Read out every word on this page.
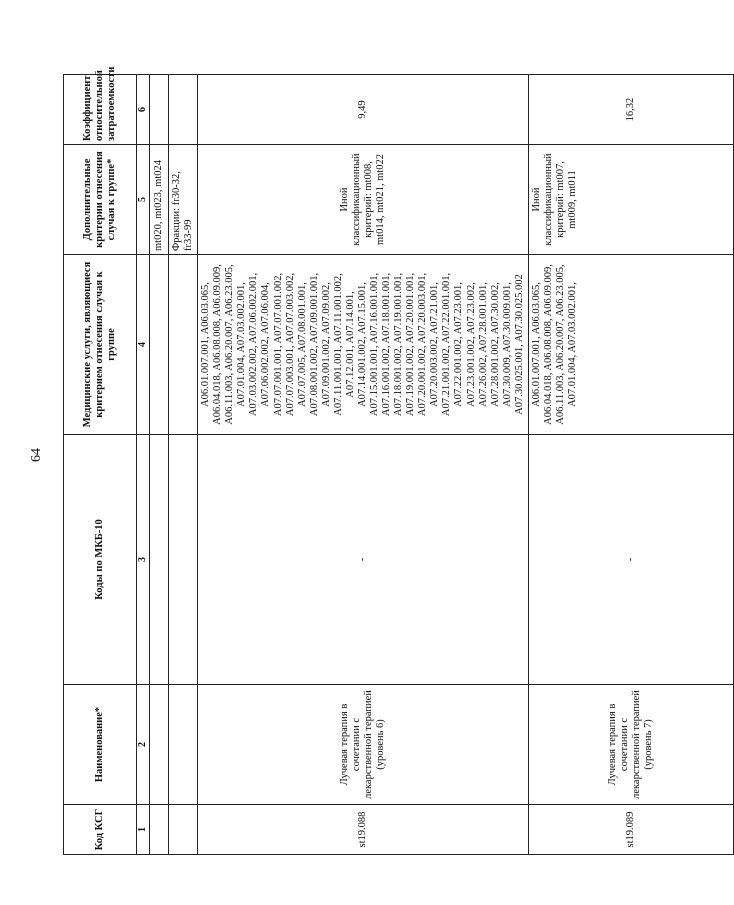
64
Код КСГ	Наименование*	Коды по МКБ-10	Медицинские услуги, являющиеся критерием отнесения случая к группе	Дополнительные критерии отнесения случая к группе*	Коэффициент относительной затратоемкости
1	2	3	4	5	6
				mt020, mt023, mt024	
				Фракции: fr30-32, fr33-99	
st19.088	Лучевая терапия в сочетании с лекарственной терапией (уровень 6)	-	A06.01.007.001, A06.03.065, A06.04.018, A06.08.008, A06.09.009, A06.11.003, A06.20.007, A06.23.005, A07.01.004, A07.03.002.001, A07.03.002.002, A07.06.002.001, A07.06.002.002, A07.06.004, A07.07.001.001, A07.07.001.002, A07.07.003.001, A07.07.003.002, A07.07.005, A07.08.001.001, A07.08.001.002, A07.09.001.001, A07.09.001.002, A07.09.002, A07.11.001.001, A07.11.001.002, A07.12.001, A07.14.001, A07.14.001.002, A07.15.001, A07.15.001.001, A07.16.001.001, A07.16.001.002, A07.18.001.001, A07.18.001.002, A07.19.001.001, A07.19.001.002, A07.20.001.001, A07.20.001.002, A07.20.003.001, A07.20.003.002, A07.21.001, A07.21.001.002, A07.22.001.001, A07.22.001.002, A07.23.001, A07.23.001.002, A07.23.002, A07.26.002, A07.28.001.001, A07.28.001.002, A07.30.002, A07.30.009, A07.30.009.001, A07.30.025.001, A07.30.025.002	Иной классификационный критерий: mt008, mt014, mt021, mt022	9,49
st19.089	Лучевая терапия в сочетании с лекарственной терапией (уровень 7)	-	A06.01.007.001, A06.03.065, A06.04.018, A06.08.008, A06.09.009, A06.11.003, A06.20.007, A06.23.005, A07.01.004, A07.03.002.001,	Иной классификационный критерий: mt007, mt009, mt011	16,32
